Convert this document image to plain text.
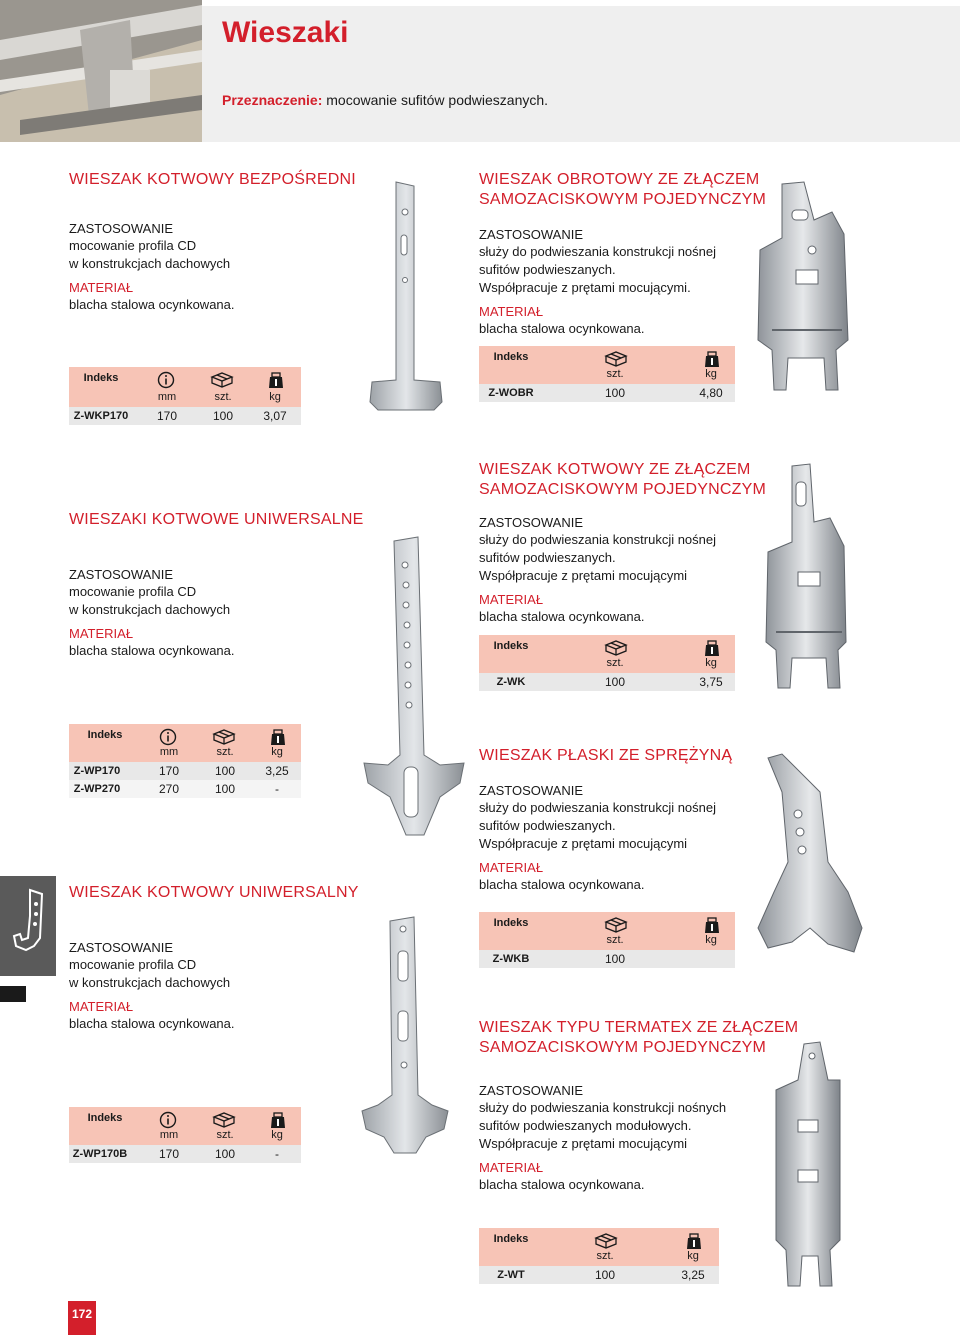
Wieszaki
Przeznaczenie: mocowanie sufitów podwieszanych.
WIESZAK KOTWOWY BEZPOŚREDNI
ZASTOSOWANIE
mocowanie profila CD
w konstrukcjach dachowych
MATERIAŁ
blacha stalowa ocynkowana.
Indeks
mm	szt.	kg
Z-WKP170	170	100	3,07
WIESZAK OBROTOWY ZE ZŁĄCZEM
SAMOZACISKOWYM POJEDYNCZYM
ZASTOSOWANIE
służy do podwieszania konstrukcji nośnej
sufitów podwieszanych.
Współpracuje z prętami mocującymi.
MATERIAŁ
blacha stalowa ocynkowana.
Indeks
szt.	kg
Z-WOBR	100	4,80
WIESZAK KOTWOWY ZE ZŁĄCZEM
SAMOZACISKOWYM POJEDYNCZYM
ZASTOSOWANIE
służy do podwieszania konstrukcji nośnej
sufitów podwieszanych.
Współpracuje z prętami mocującymi
MATERIAŁ
blacha stalowa ocynkowana.
Indeks
szt.	kg
Z-WK	100	3,75
WIESZAKI KOTWOWE UNIWERSALNE
ZASTOSOWANIE
mocowanie profila CD
w konstrukcjach dachowych
MATERIAŁ
blacha stalowa ocynkowana.
Indeks
mm	szt.	kg
Z-WP170	170	100	3,25
Z-WP270	270	100	-
WIESZAK PŁASKI ZE SPRĘŻYNĄ
ZASTOSOWANIE
służy do podwieszania konstrukcji nośnej
sufitów podwieszanych.
Współpracuje z prętami mocującymi
MATERIAŁ
blacha stalowa ocynkowana.
Indeks
szt.	kg
Z-WKB	100
WIESZAK KOTWOWY UNIWERSALNY
ZASTOSOWANIE
mocowanie profila CD
w konstrukcjach dachowych
MATERIAŁ
blacha stalowa ocynkowana.
Indeks
mm	szt.	kg
Z-WP170B	170	100	-
WIESZAK TYPU TERMATEX ZE ZŁĄCZEM
SAMOZACISKOWYM POJEDYNCZYM
ZASTOSOWANIE
służy do podwieszania konstrukcji nośnych
sufitów podwieszanych modułowych.
Współpracuje z prętami mocującymi
MATERIAŁ
blacha stalowa ocynkowana.
Indeks
szt.	kg
Z-WT	100	3,25
172
